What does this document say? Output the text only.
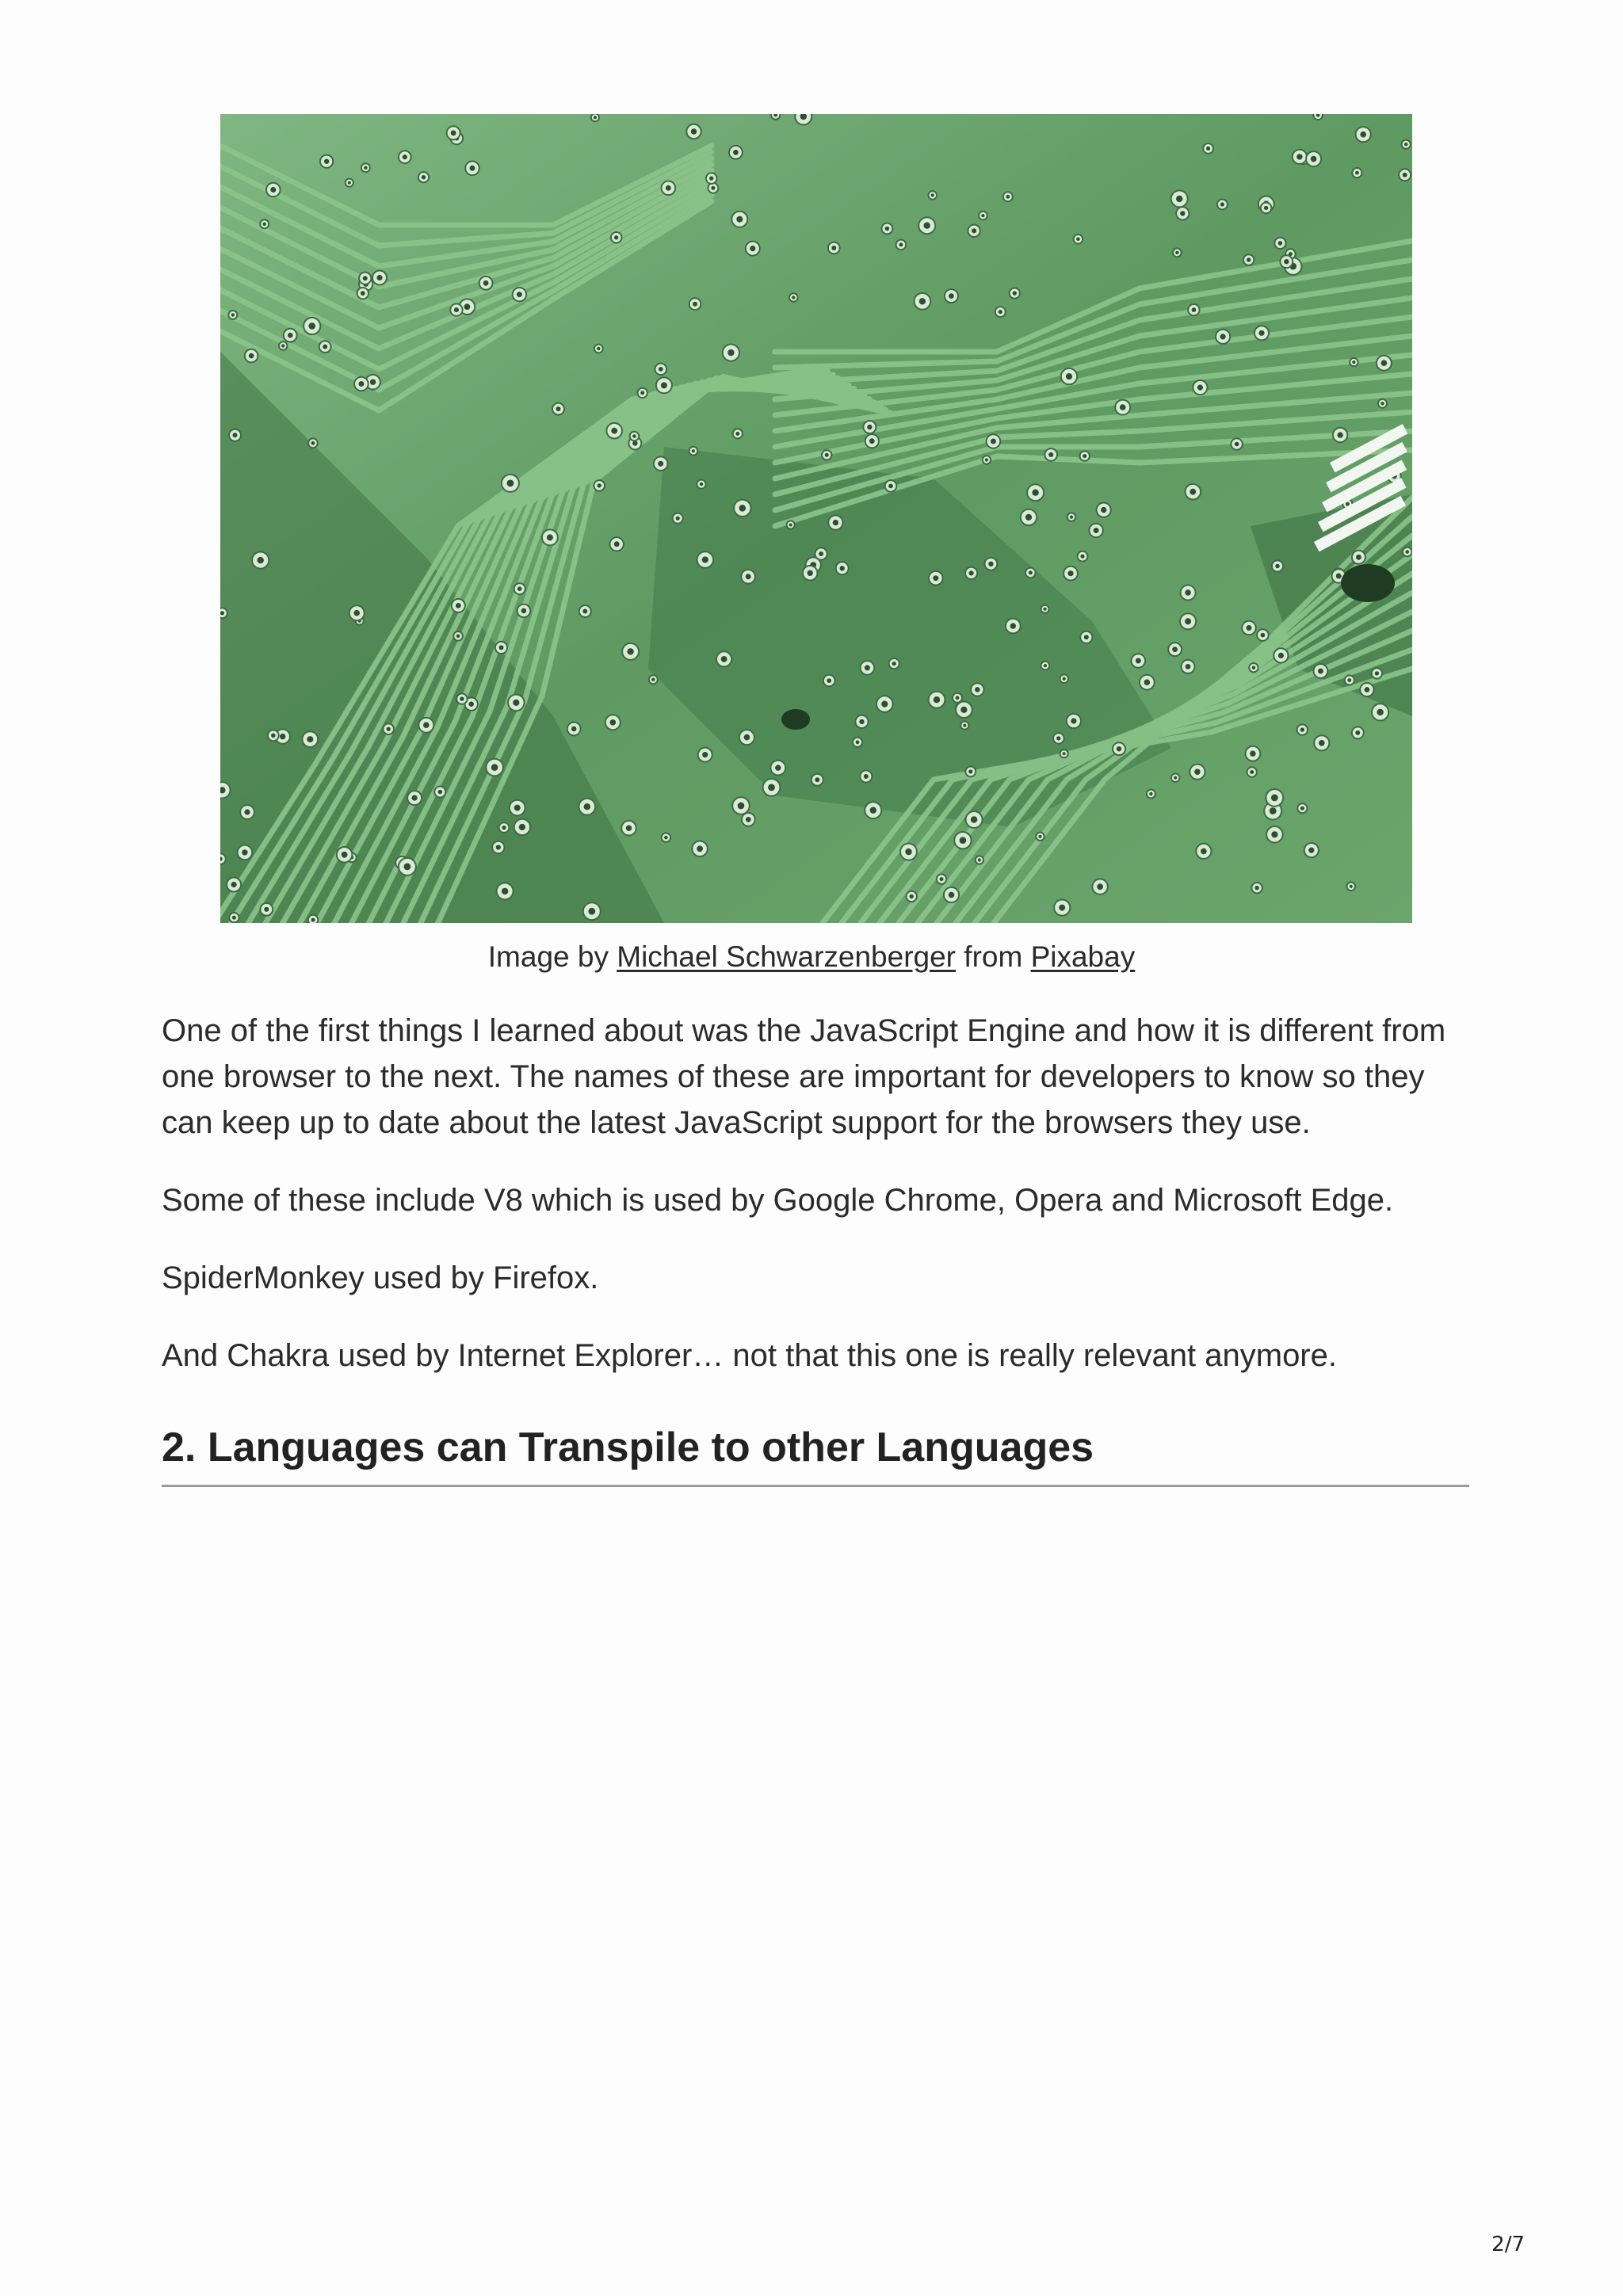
Image by Michael Schwarzenberger from Pixabay

One of the first things I learned about was the JavaScript Engine and how it is different from one browser to the next. The names of these are important for developers to know so they can keep up to date about the latest JavaScript support for the browsers they use.

Some of these include V8 which is used by Google Chrome, Opera and Microsoft Edge.

SpiderMonkey used by Firefox.

And Chakra used by Internet Explorer… not that this one is really relevant anymore.

2. Languages can Transpile to other Languages
2/7
